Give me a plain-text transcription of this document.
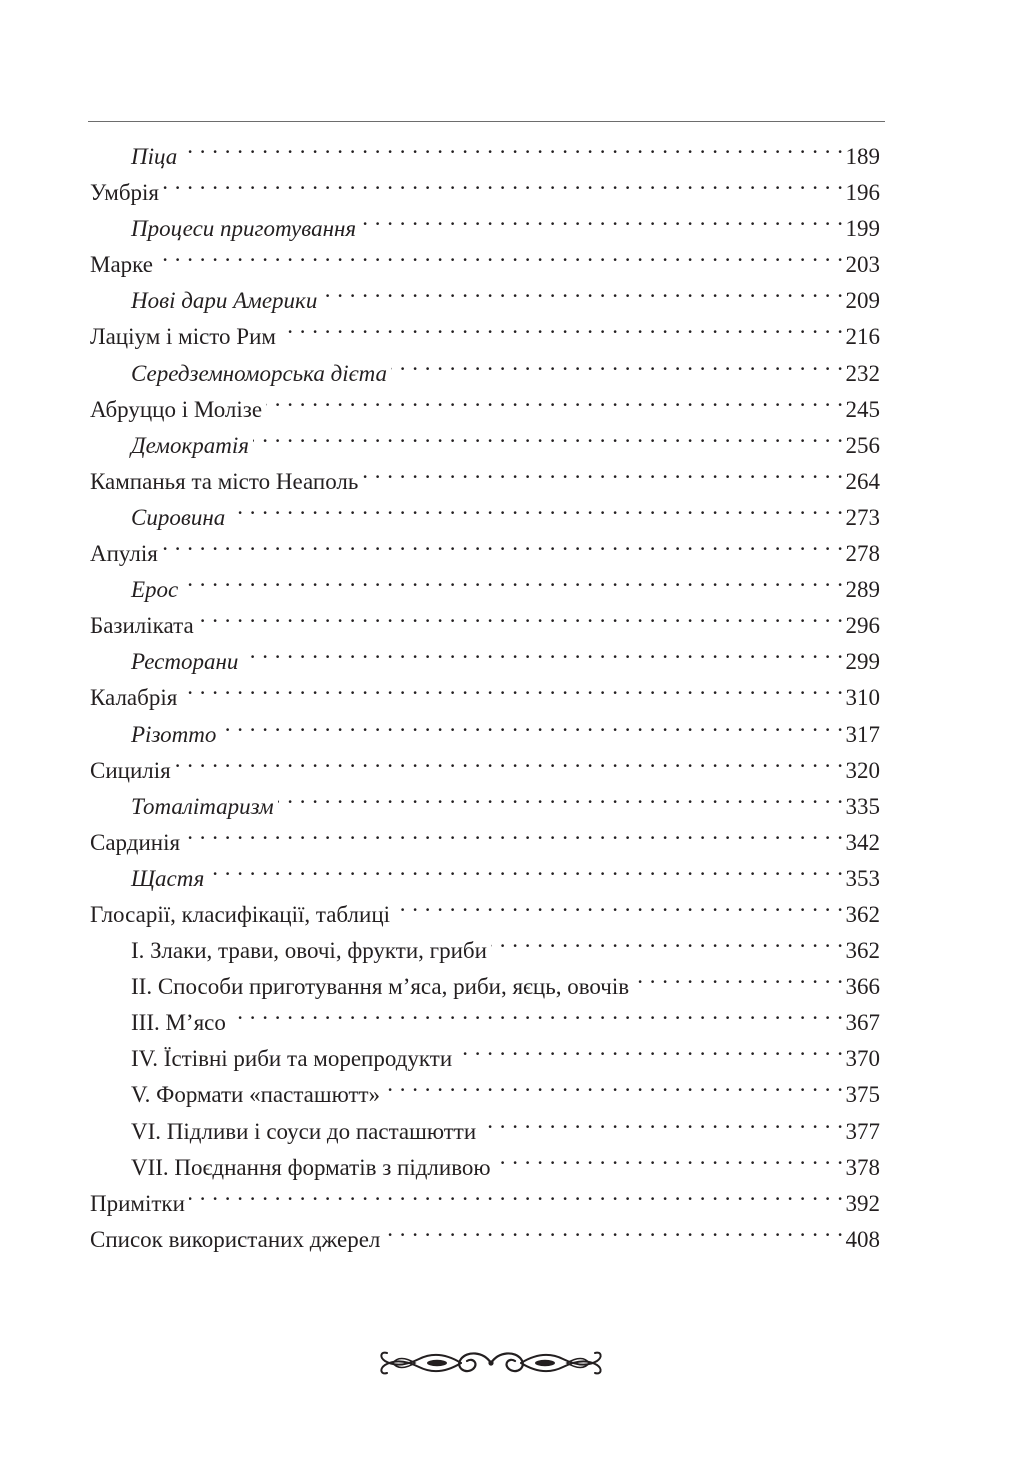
Піца . . .	189
Умбрія . . .	196
Процеси приготування . . .	199
Марке . . .	203
Нові дари Америки . . .	209
Лаціум і місто Рим . . .	216
Середземноморська дієта . . .	232
Абруццо і Молізе . . .	245
Демократія . . .	256
Кампанья та місто Неаполь . . .	264
Сировина . . .	273
Апулія . . .	278
Ерос . . .	289
Базиліката . . .	296
Ресторани . . .	299
Калабрія . . .	310
Різотто . . .	317
Сицилія . . .	320
Тоталітаризм . . .	335
Сардинія . . .	342
Щастя . . .	353
Глосарії, класифікації, таблиці . . .	362
I. Злаки, трави, овочі, фрукти, гриби . . .	362
II. Способи приготування м’яса, риби, яєць, овочів . . .	366
III. М’ясо . . .	367
IV. Їстівні риби та морепродукти . . .	370
V. Формати «пасташютт» . . .	375
VI. Підливи і соуси до пасташютти . . .	377
VII. Поєднання форматів з підливою . . .	378
Примітки . . .	392
Список використаних джерел . . .	408
